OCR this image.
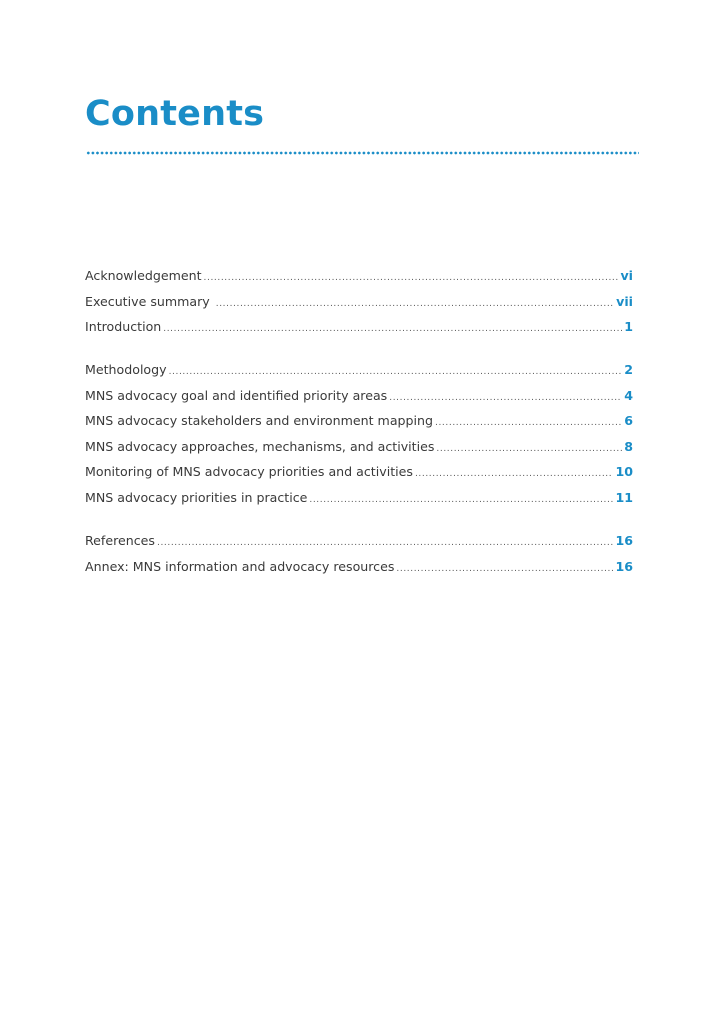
Contents
Acknowledgement .....	vi
Executive summary .....	vii
Introduction .....	1
Methodology .....	2
MNS advocacy goal and identified priority areas .....	4
MNS advocacy stakeholders and environment mapping .....	6
MNS advocacy approaches, mechanisms, and activities .....	8
Monitoring of MNS advocacy priorities and activities .....	10
MNS advocacy priorities in practice .....	11
References .....	16
Annex: MNS information and advocacy resources .....	16
